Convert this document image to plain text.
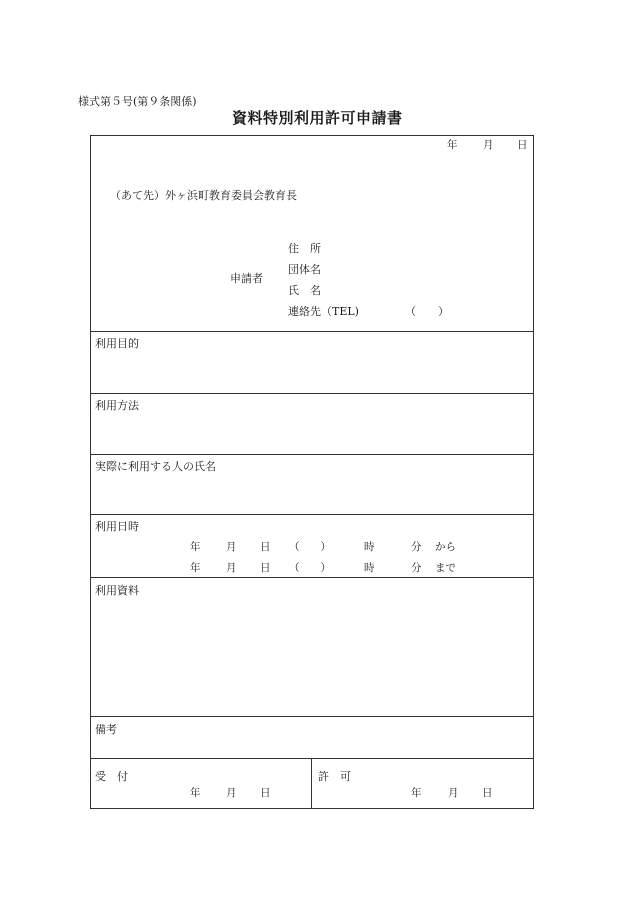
様式第５号(第９条関係)
資料特別利用許可申請書
年 月 日
（あて先）外ヶ浜町教育委員会教育長
申請者
住　所
団体名
氏　名
連絡先（TEL)	（　　）
利用目的
利用方法
実際に利用する人の氏名
利用日時
年 月 日 （　　）	時	分 から
年 月 日 （　　）	時	分 まで
利用資料
備考
受　付
年 月 日
許　可
年	月 日
